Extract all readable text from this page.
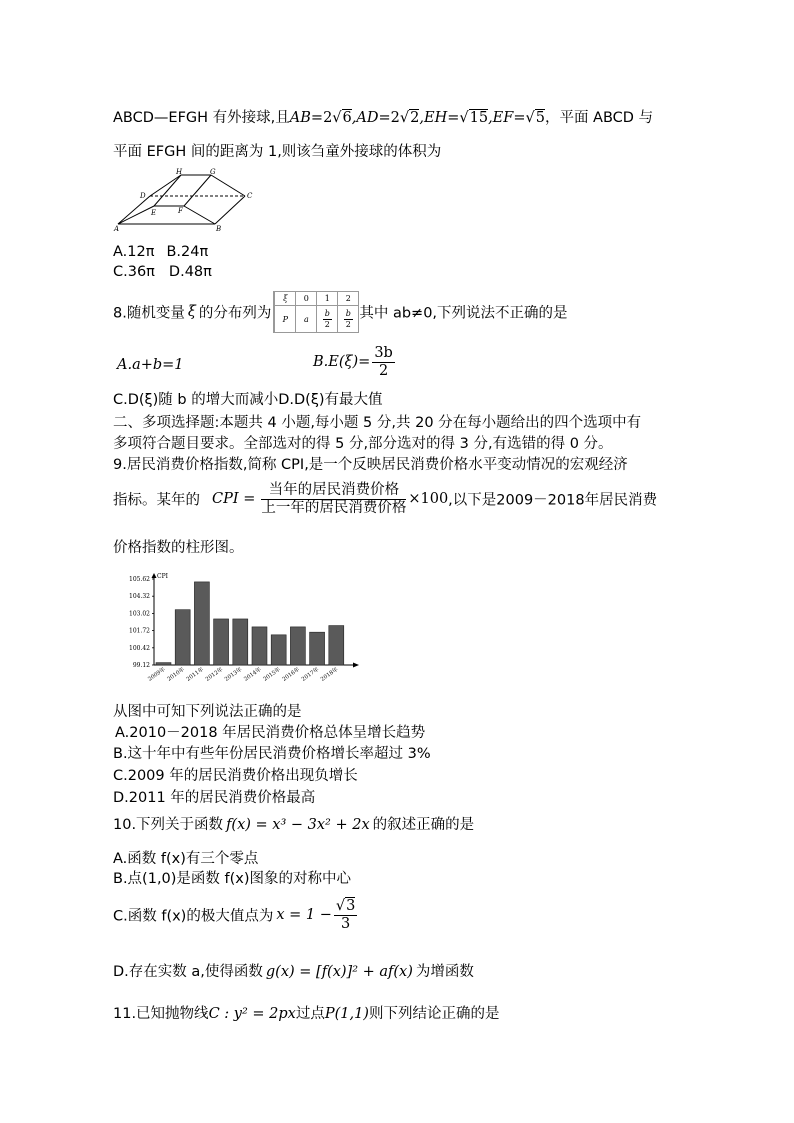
ABCD—EFGH 有外接球,且AB=2√6,AD=2√2,EH=√15,EF=√5，平面 ABCD 与
平面 EFGH 间的距离为 1,则该刍童外接球的体积为
H	G
D	C
E	F
A	B
A.12π B.24π
C.36π D.48π
8.随机变量 ξ 的分布列为
ξ	0	1	2
P	a	$\frac{b}{2}$	$\frac{b}{2}$ 其中 ab≠0,下列说法不正确的是
A.a+b=1	$B.E(\xi)= \frac{3b}{2}$
C.D(ξ)随 b 的增大而减小D.D(ξ)有最大值
二、多项选择题:本题共 4 小题,每小题 5 分,共 20 分在每小题给出的四个选项中有
多项符合题目要求。全部选对的得 5 分,部分选对的得 3 分,有选错的得 0 分。
9.居民消费价格指数,简称 CPI,是一个反映居民消费价格水平变动情况的宏观经济
指标。某年的 CPI = $\frac{\text{当年的居民消费价格}}{\text{上一年的居民消费价格}} \times 100$,以下是2009－2018年居民消费
价格指数的柱形图。
CPI
99.12
100.42
101.72
103.02
104.32
105.62
2009年 2010年 2011年 2012年 2013年 2014年 2015年 2016年 2017年 2018年
从图中可知下列说法正确的是
A.2010－2018 年居民消费价格总体呈增长趋势
B.这十年中有些年份居民消费价格增长率超过 3%
C.2009 年的居民消费价格出现负增长
D.2011 年的居民消费价格最高
10.下列关于函数 f(x) = x³ − 3x² + 2x 的叙述正确的是
A.函数 f(x)有三个零点
B.点(1,0)是函数 f(x)图象的对称中心
C.函数 f(x)的极大值点为 $x = 1 - \frac{√3}{3}$
D.存在实数 a,使得函数 g(x) = [f(x)]² + af(x) 为增函数
11.已知抛物线C : y² = 2px过点P(1,1)则下列结论正确的是
